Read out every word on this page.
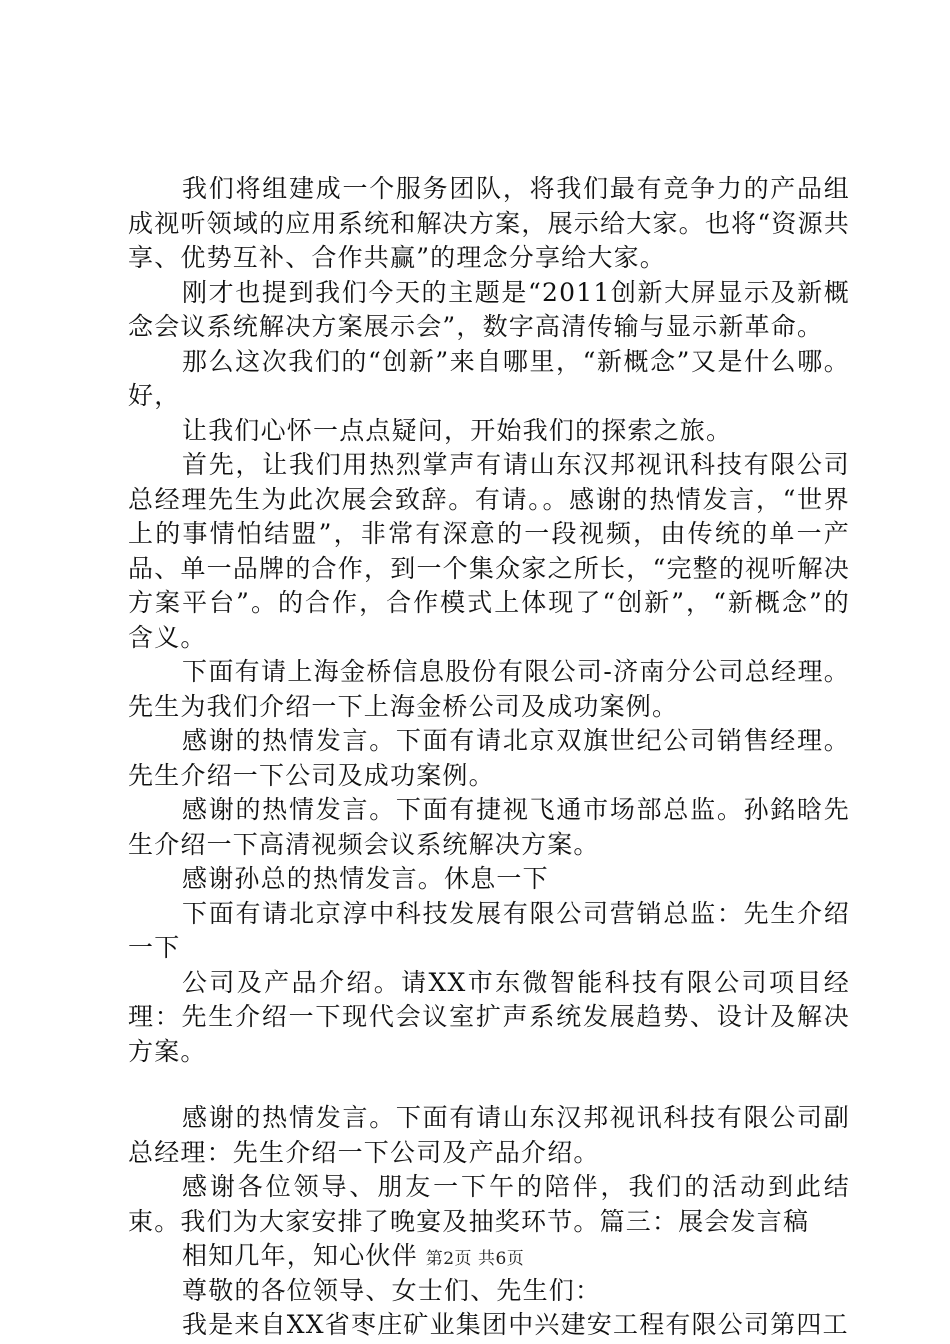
我们将组建成一个服务团队，将我们最有竞争力的产品组成视听领域的应用系统和解决方案，展示给大家。也将“资源共享、优势互补、合作共赢”的理念分享给大家。

刚才也提到我们今天的主题是“2011创新大屏显示及新概念会议系统解决方案展示会”，数字高清传输与显示新革命。

那么这次我们的“创新”来自哪里，“新概念”又是什么哪。好，

让我们心怀一点点疑问，开始我们的探索之旅。

首先，让我们用热烈掌声有请山东汉邦视讯科技有限公司总经理先生为此次展会致辞。有请。。感谢的热情发言，“世界上的事情怕结盟”，非常有深意的一段视频，由传统的单一产品、单一品牌的合作，到一个集众家之所长，“完整的视听解决方案平台”。的合作，合作模式上体现了“创新”，“新概念”的含义。

下面有请上海金桥信息股份有限公司-济南分公司总经理。先生为我们介绍一下上海金桥公司及成功案例。

感谢的热情发言。下面有请北京双旗世纪公司销售经理。先生介绍一下公司及成功案例。

感谢的热情发言。下面有捷视飞通市场部总监。孙銘晗先生介绍一下高清视频会议系统解决方案。

感谢孙总的热情发言。休息一下

下面有请北京淳中科技发展有限公司营销总监：先生介绍一下

公司及产品介绍。请XX市东微智能科技有限公司项目经理：先生介绍一下现代会议室扩声系统发展趋势、设计及解决方案。

感谢的热情发言。下面有请山东汉邦视讯科技有限公司副总经理：先生介绍一下公司及产品介绍。

感谢各位领导、朋友一下午的陪伴，我们的活动到此结束。我们为大家安排了晚宴及抽奖环节。篇三：展会发言稿

相知几年，知心伙伴

尊敬的各位领导、女士们、先生们：

我是来自XX省枣庄矿业集团中兴建安工程有限公司第四工

第2页 共6页
